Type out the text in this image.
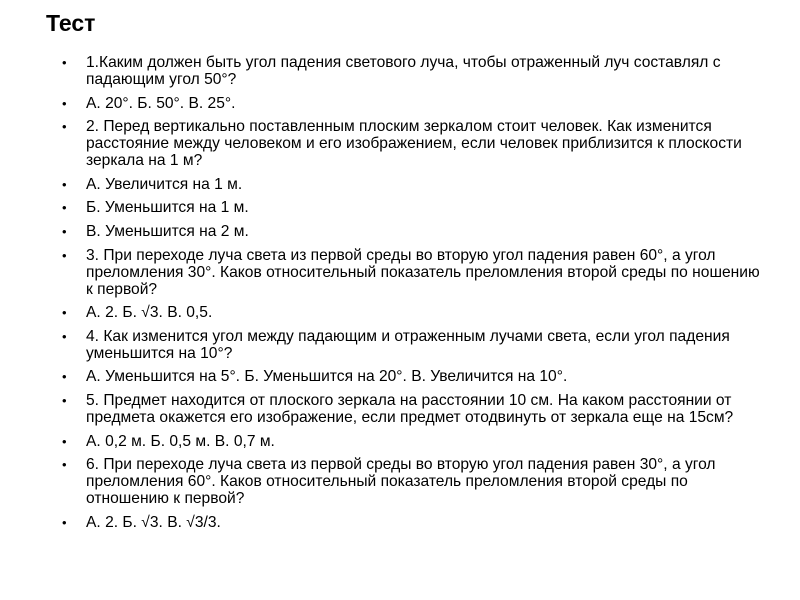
Тест
• 1.Каким должен быть угол падения светового луча, чтобы отраженный луч составлял с падающим угол 50°?
• А. 20°. Б. 50°. В. 25°.
• 2. Перед вертикально поставленным плоским зеркалом стоит человек. Как изменится расстояние между человеком и его изображением, если человек приблизится к плоскости зеркала на 1 м?
• А. Увеличится на 1 м.
• Б. Уменьшится на 1 м.
• В. Уменьшится на 2 м.
• 3. При переходе луча света из первой среды во вторую угол падения равен 60°, а угол преломления 30°. Каков относительный показатель преломления второй среды по ношению к первой?
• А. 2. Б. √3. В. 0,5.
• 4. Как изменится угол между падающим и отраженным лучами света, если угол падения уменьшится на 10°?
• А. Уменьшится на 5°. Б. Уменьшится на 20°. В. Увеличится на 10°.
• 5. Предмет находится от плоского зеркала на расстоянии 10 см. На каком расстоянии от предмета окажется его изображение, если предмет отодвинуть от зеркала еще на 15см?
• А. 0,2 м. Б. 0,5 м. В. 0,7 м.
• 6. При переходе луча света из первой среды во вторую угол падения равен 30°, а угол преломления 60°. Каков относительный показатель преломления второй среды по отношению к первой?
• А. 2. Б. √3. В. √3/3.
